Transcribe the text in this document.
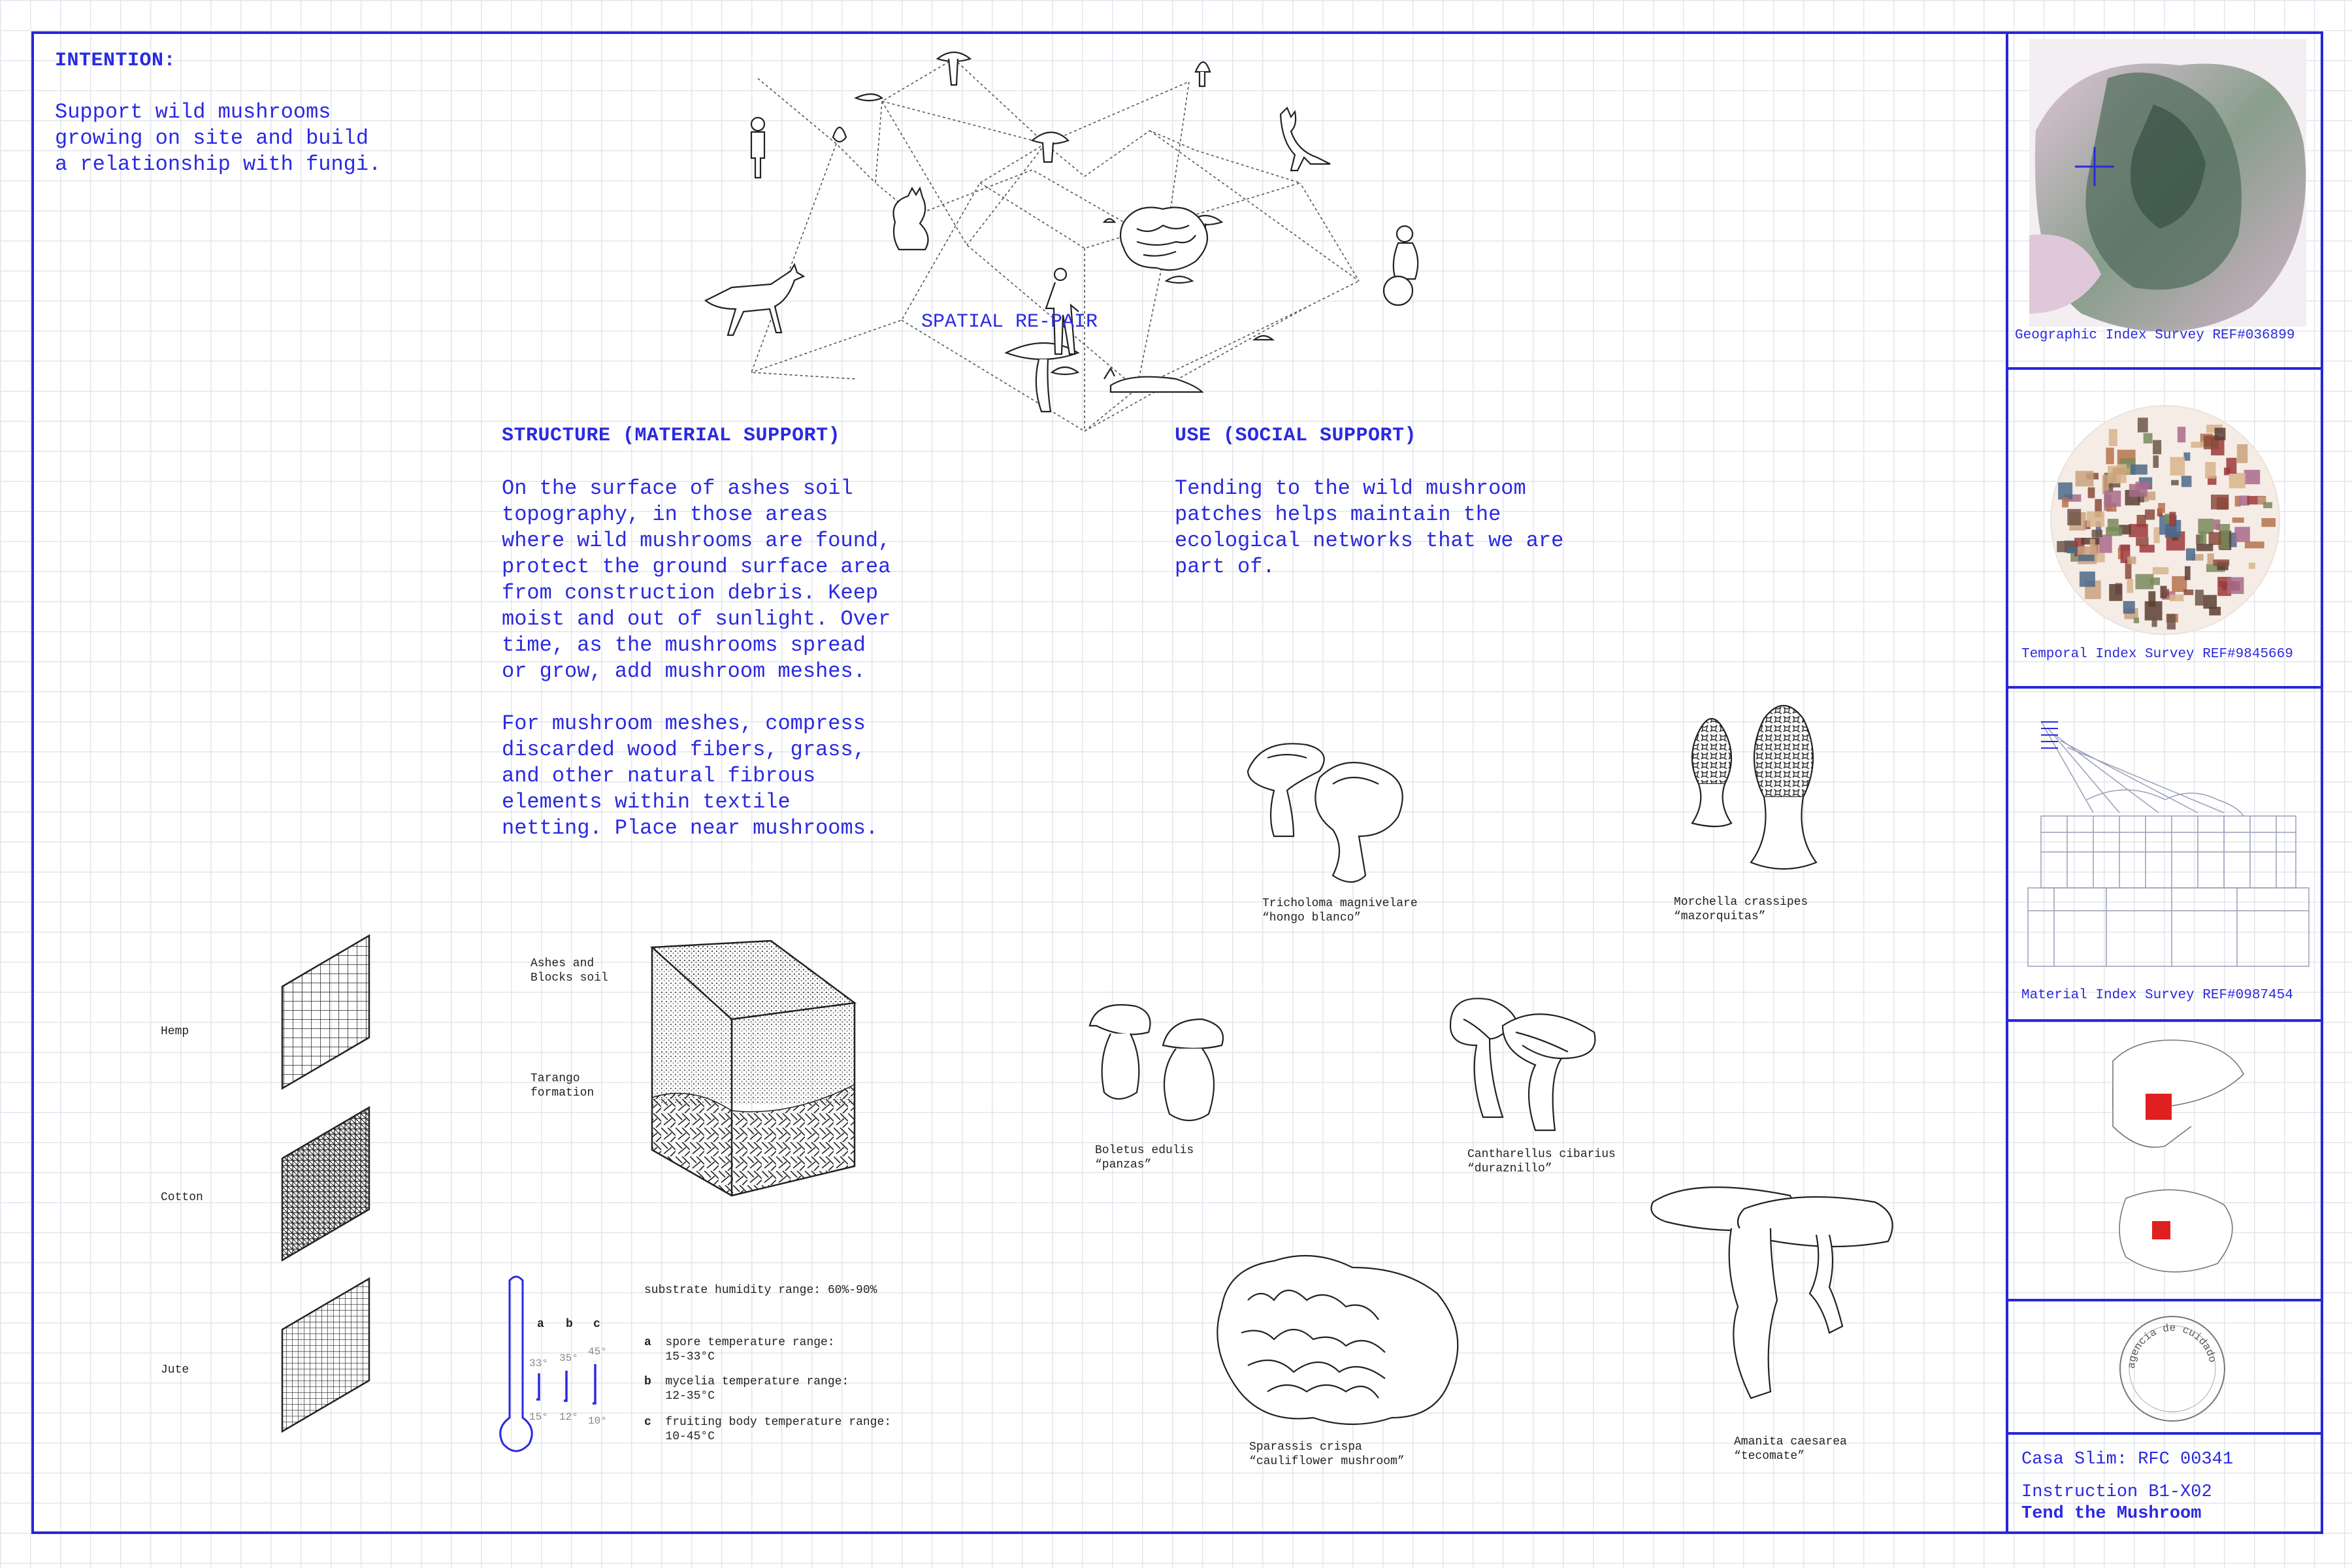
INTENTION:
Support wild mushrooms
growing on site and build
a relationship with fungi.
SPATIAL RE-PAIR
STRUCTURE (MATERIAL SUPPORT)
On the surface of ashes soil
topography, in those areas
where wild mushrooms are found,
protect the ground surface area
from construction debris. Keep
moist and out of sunlight. Over
time, as the mushrooms spread
or grow, add mushroom meshes.

For mushroom meshes, compress
discarded wood fibers, grass,
and other natural fibrous
elements within textile
netting. Place near mushrooms.
USE (SOCIAL SUPPORT)
Tending to the wild mushroom
patches helps maintain the
ecological networks that we are
part of.
Hemp
Cotton
Jute
Ashes and
Blocks soil
Tarango
formation
a b c
33° 35°
45°
15° 12° 10°
substrate humidity range: 60%-90%
a spore temperature range:
15-33°C
b mycelia temperature range:
12-35°C
c fruiting body temperature range:
10-45°C
Tricholoma magnivelare
“hongo blanco”
Morchella crassipes
“mazorquitas”
Boletus edulis
“panzas”
Cantharellus cibarius
“duraznillo”
Sparassis crispa
“cauliflower mushroom”
Amanita caesarea
“tecomate”
Geographic Index Survey REF#036899
Temporal Index Survey REF#9845669
Material Index Survey REF#0987454
agencia de cuidado
Casa Slim: RFC 00341
Instruction B1-X02
Tend the Mushroom
